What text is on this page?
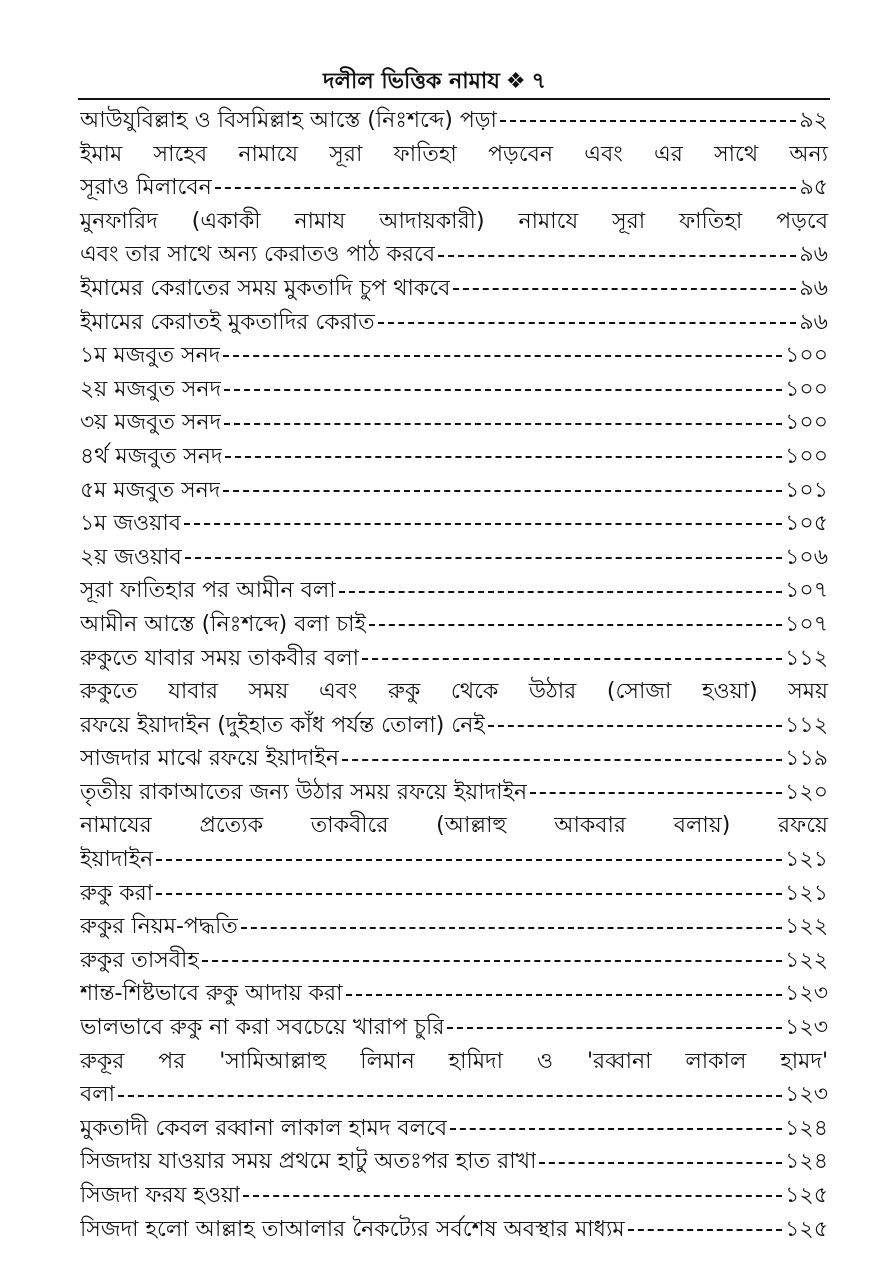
দলীল ভিত্তিক নামায ❖ ৭
আউযুবিল্লাহ ও বিসমিল্লাহ আস্তে (নিঃশব্দে) পড়া	৯২
ইমাম সাহেব নামাযে সূরা ফাতিহা পড়বেন এবং এর সাথে অন্য
সূরাও মিলাবেন	৯৫
মুনফারিদ (একাকী নামায আদায়কারী) নামাযে সূরা ফাতিহা পড়বে
এবং তার সাথে অন্য কেরাতও পাঠ করবে	৯৬
ইমামের কেরাতের সময় মুকতাদি চুপ থাকবে	৯৬
ইমামের কেরাতই মুকতাদির কেরাত	৯৬
১ম মজবুত সনদ	১০০
২য় মজবুত সনদ	১০০
৩য় মজবুত সনদ	১০০
৪র্থ মজবুত সনদ	১০০
৫ম মজবুত সনদ	১০১
১ম জওয়াব	১০৫
২য় জওয়াব	১০৬
সূরা ফাতিহার পর আমীন বলা	১০৭
আমীন আস্তে (নিঃশব্দে) বলা চাই	১০৭
রুকুতে যাবার সময় তাকবীর বলা	১১২
রুকুতে যাবার সময় এবং রুকু থেকে উঠার (সোজা হওয়া) সময়
রফয়ে ইয়াদাইন (দুইহাত কাঁধ পর্যন্ত তোলা) নেই	১১২
সাজদার মাঝে রফয়ে ইয়াদাইন	১১৯
তৃতীয় রাকাআতের জন্য উঠার সময় রফয়ে ইয়াদাইন	১২০
নামাযের প্রত্যেক তাকবীরে (আল্লাহু আকবার বলায়) রফয়ে
ইয়াদাইন	১২১
রুকু করা	১২১
রুকুর নিয়ম-পদ্ধতি	১২২
রুকুর তাসবীহ	১২২
শান্ত-শিষ্টভাবে রুকু আদায় করা	১২৩
ভালভাবে রুকু না করা সবচেয়ে খারাপ চুরি	১২৩
রুকূর পর 'সামিআল্লাহু লিমান হামিদা ও 'রব্বানা লাকাল হামদ'
বলা	১২৩
মুকতাদী কেবল রব্বানা লাকাল হামদ বলবে	১২৪
সিজদায় যাওয়ার সময় প্রথমে হাটু অতঃপর হাত রাখা	১২৪
সিজদা ফরয হওয়া	১২৫
সিজদা হলো আল্লাহ তাআলার নৈকট্যের সর্বশেষ অবস্থার মাধ্যম	১২৫
